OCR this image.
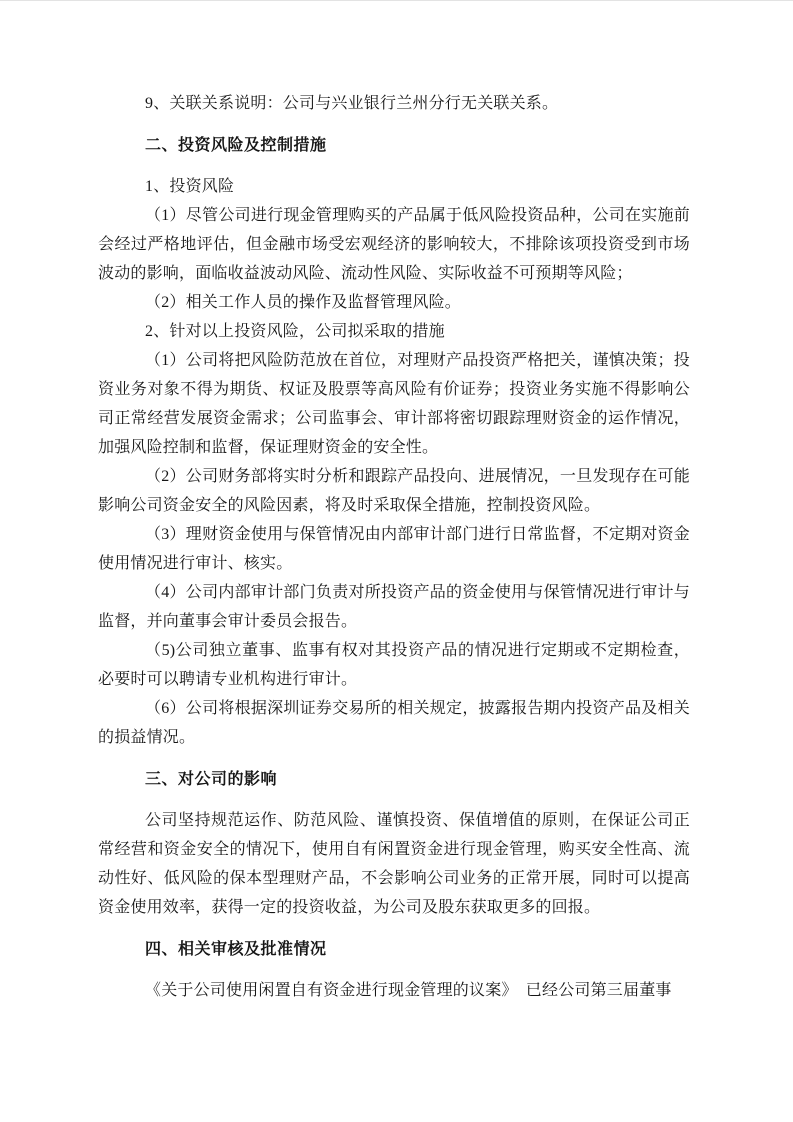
9、关联关系说明：公司与兴业银行兰州分行无关联关系。

二、投资风险及控制措施

1、投资风险

（1）尽管公司进行现金管理购买的产品属于低风险投资品种，公司在实施前会经过严格地评估，但金融市场受宏观经济的影响较大，不排除该项投资受到市场波动的影响，面临收益波动风险、流动性风险、实际收益不可预期等风险；

（2）相关工作人员的操作及监督管理风险。

2、针对以上投资风险，公司拟采取的措施

（1）公司将把风险防范放在首位，对理财产品投资严格把关，谨慎决策；投资业务对象不得为期货、权证及股票等高风险有价证券；投资业务实施不得影响公司正常经营发展资金需求；公司监事会、审计部将密切跟踪理财资金的运作情况，加强风险控制和监督，保证理财资金的安全性。

（2）公司财务部将实时分析和跟踪产品投向、进展情况，一旦发现存在可能影响公司资金安全的风险因素，将及时采取保全措施，控制投资风险。

（3）理财资金使用与保管情况由内部审计部门进行日常监督，不定期对资金使用情况进行审计、核实。

（4）公司内部审计部门负责对所投资产品的资金使用与保管情况进行审计与监督，并向董事会审计委员会报告。

（5)公司独立董事、监事有权对其投资产品的情况进行定期或不定期检查，必要时可以聘请专业机构进行审计。

（6）公司将根据深圳证券交易所的相关规定，披露报告期内投资产品及相关的损益情况。

三、对公司的影响

公司坚持规范运作、防范风险、谨慎投资、保值增值的原则，在保证公司正常经营和资金安全的情况下，使用自有闲置资金进行现金管理，购买安全性高、流动性好、低风险的保本型理财产品，不会影响公司业务的正常开展，同时可以提高资金使用效率，获得一定的投资收益，为公司及股东获取更多的回报。

四、相关审核及批准情况

《关于公司使用闲置自有资金进行现金管理的议案》　已经公司第三届董事
